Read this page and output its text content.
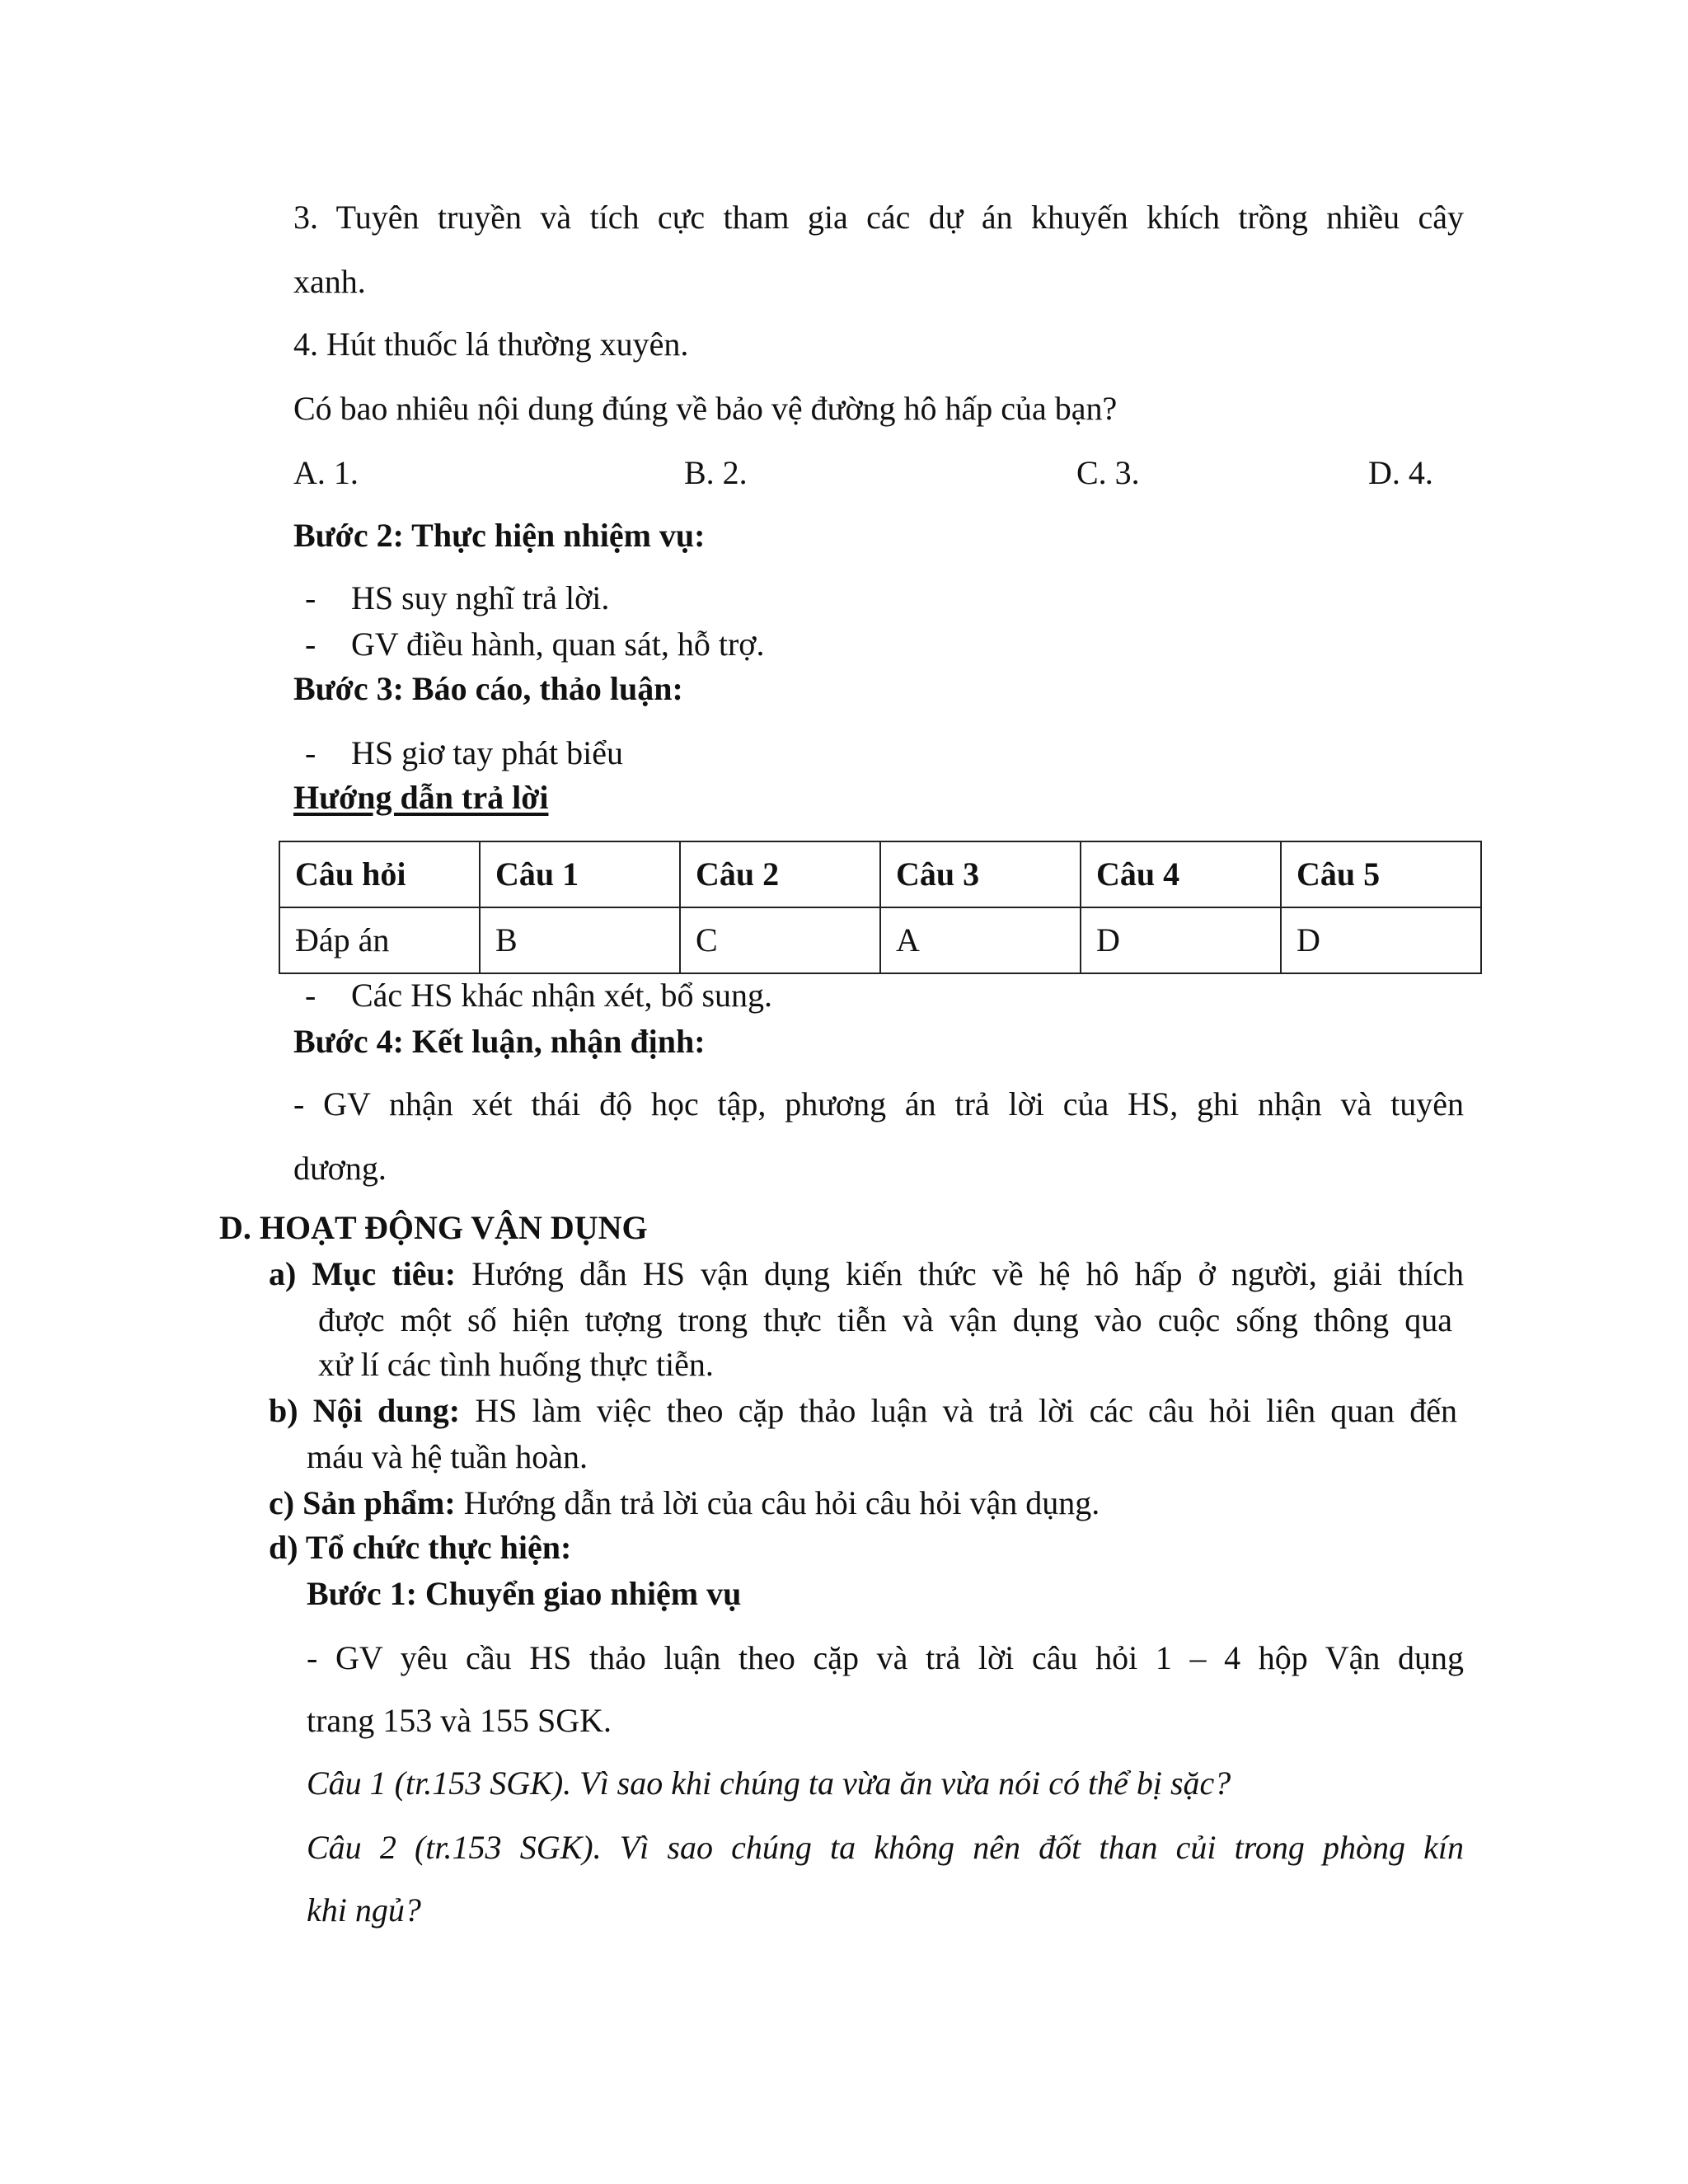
3. Tuyên truyền và tích cực tham gia các dự án khuyến khích trồng nhiều cây
xanh.
4. Hút thuốc lá thường xuyên.
Có bao nhiêu nội dung đúng về bảo vệ đường hô hấp của bạn?
A. 1.	B. 2.	C. 3.	D. 4.
Bước 2: Thực hiện nhiệm vụ:
- HS suy nghĩ trả lời.
- GV điều hành, quan sát, hỗ trợ.
Bước 3: Báo cáo, thảo luận:
- HS giơ tay phát biểu
Hướng dẫn trả lời
Câu hỏi	Câu 1	Câu 2	Câu 3	Câu 4	Câu 5
Đáp án	B	C	A	D	D
- Các HS khác nhận xét, bổ sung.
Bước 4: Kết luận, nhận định:
- GV nhận xét thái độ học tập, phương án trả lời của HS, ghi nhận và tuyên
dương.
D. HOẠT ĐỘNG VẬN DỤNG
a) Mục tiêu: Hướng dẫn HS vận dụng kiến thức về hệ hô hấp ở người, giải thích
được một số hiện tượng trong thực tiễn và vận dụng vào cuộc sống thông qua
xử lí các tình huống thực tiễn.
b) Nội dung: HS làm việc theo cặp thảo luận và trả lời các câu hỏi liên quan đến
máu và hệ tuần hoàn.
c) Sản phẩm: Hướng dẫn trả lời của câu hỏi câu hỏi vận dụng.
d) Tổ chức thực hiện:
Bước 1: Chuyển giao nhiệm vụ
- GV yêu cầu HS thảo luận theo cặp và trả lời câu hỏi 1 – 4 hộp Vận dụng
trang 153 và 155 SGK.
Câu 1 (tr.153 SGK). Vì sao khi chúng ta vừa ăn vừa nói có thể bị sặc?
Câu 2 (tr.153 SGK). Vì sao chúng ta không nên đốt than củi trong phòng kín
khi ngủ?
